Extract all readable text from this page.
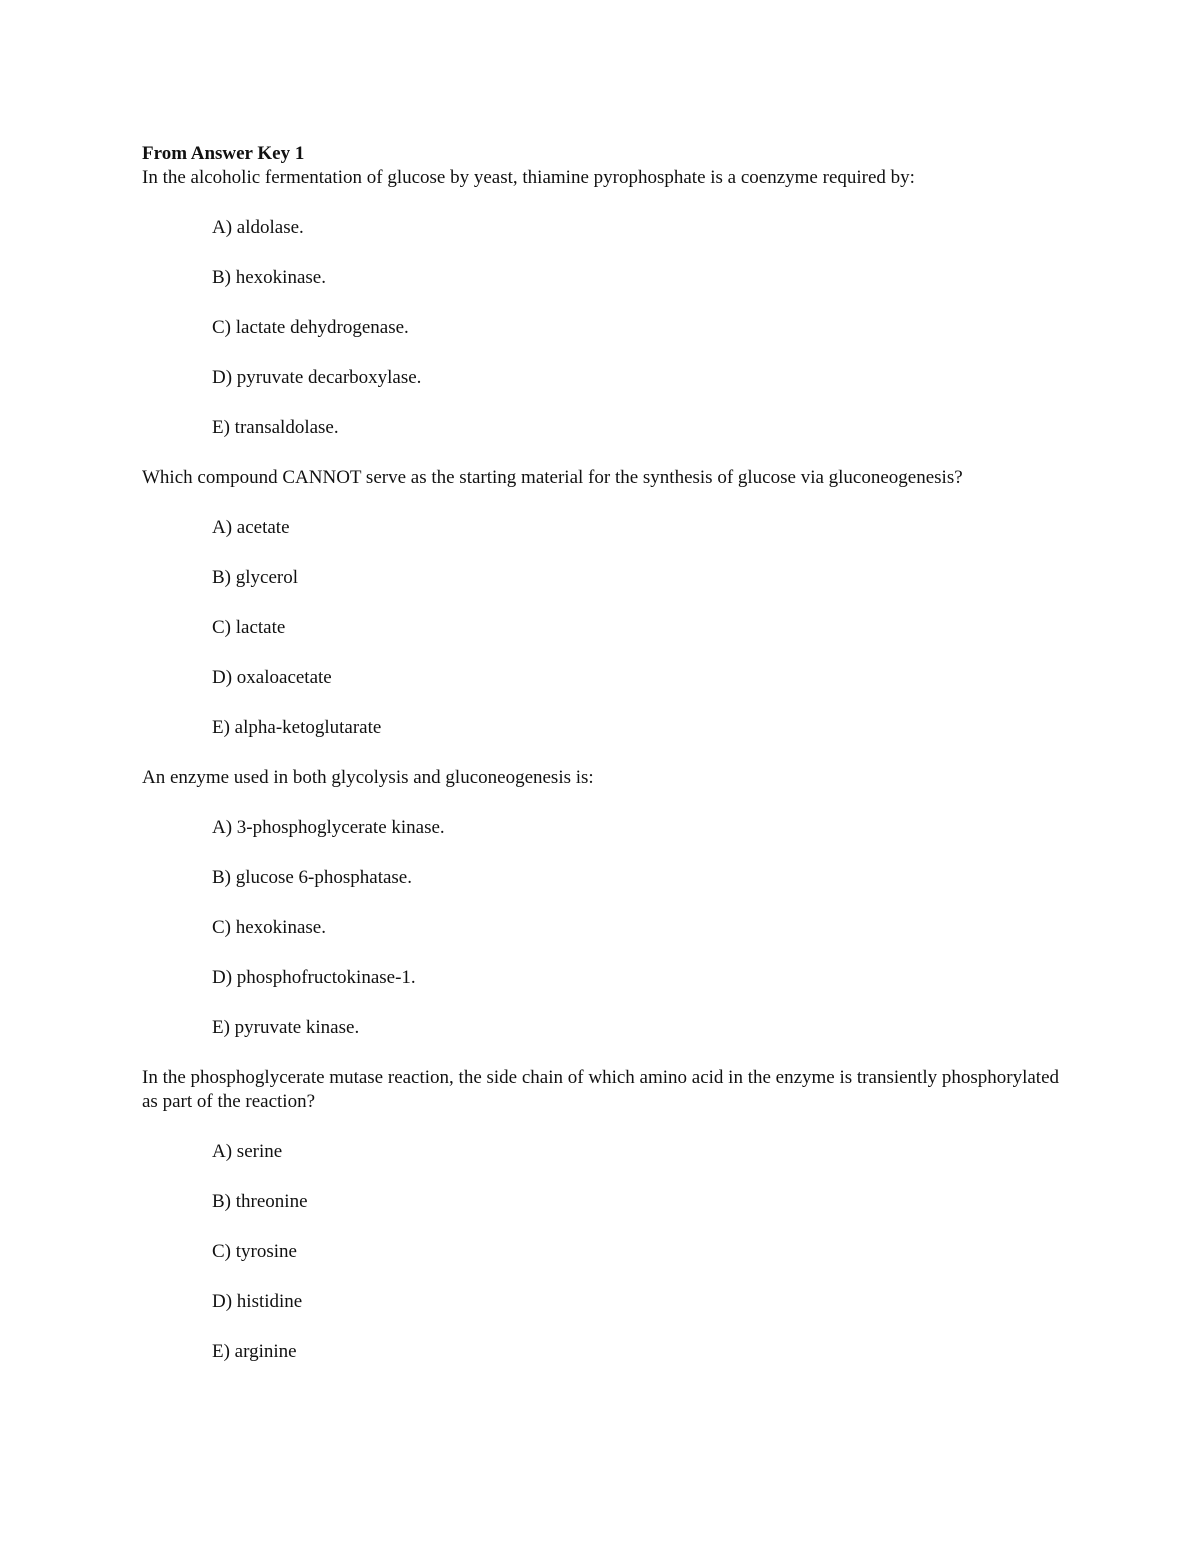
From Answer Key 1

In the alcoholic fermentation of glucose by yeast, thiamine pyrophosphate is a coenzyme required by:

A) aldolase.
B) hexokinase.
C) lactate dehydrogenase.
D) pyruvate decarboxylase.
E) transaldolase.

Which compound CANNOT serve as the starting material for the synthesis of glucose via gluconeogenesis?

A) acetate
B) glycerol
C) lactate
D) oxaloacetate
E) alpha-ketoglutarate

An enzyme used in both glycolysis and gluconeogenesis is:

A) 3-phosphoglycerate kinase.
B) glucose 6-phosphatase.
C) hexokinase.
D) phosphofructokinase-1.
E) pyruvate kinase.

In the phosphoglycerate mutase reaction, the side chain of which amino acid in the enzyme is transiently phosphorylated as part of the reaction?

A) serine
B) threonine
C) tyrosine
D) histidine
E) arginine
